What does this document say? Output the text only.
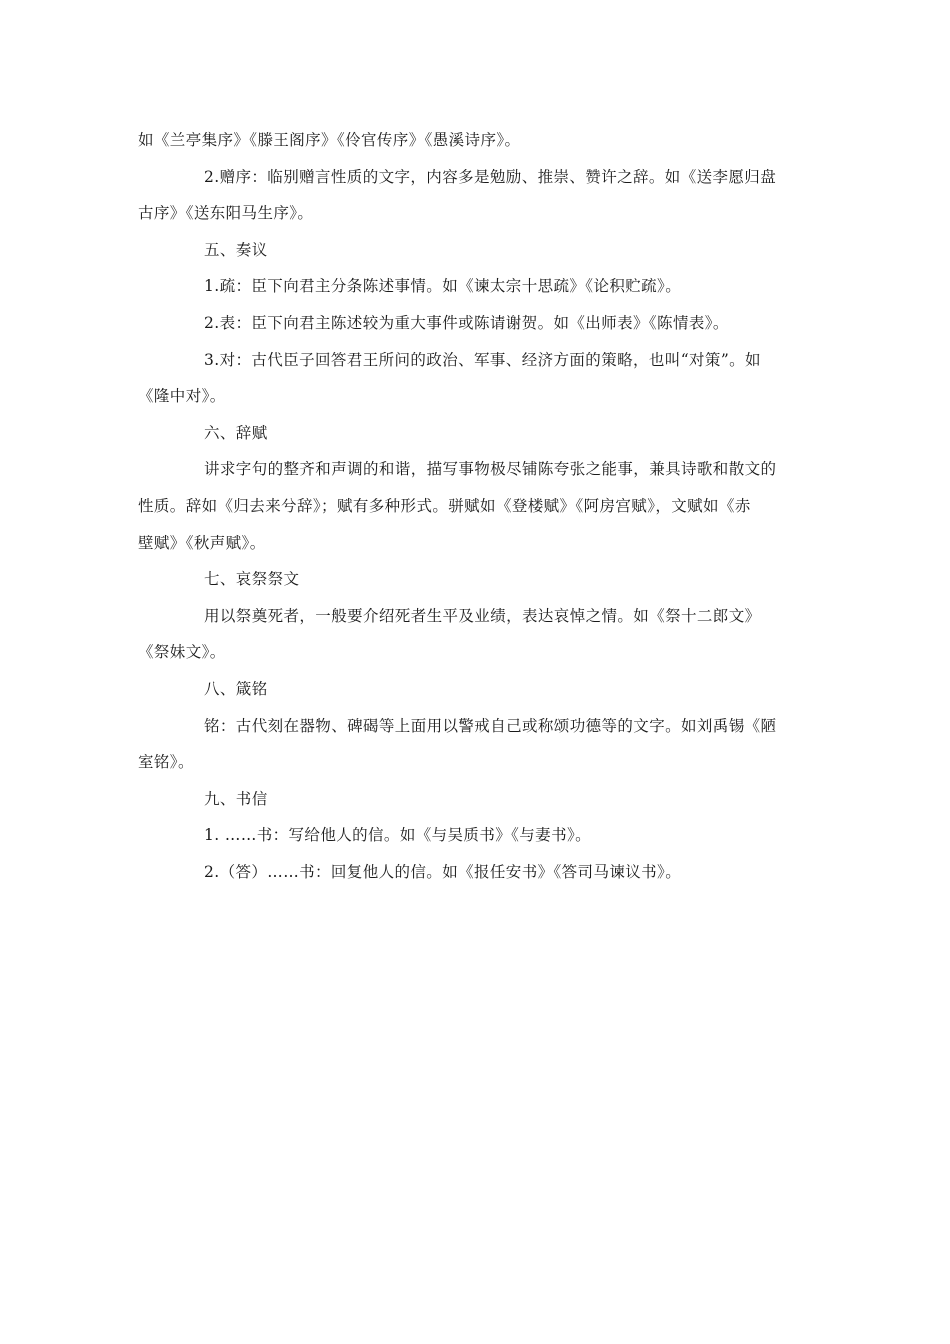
如《兰亭集序》《滕王阁序》《伶官传序》《愚溪诗序》。
2.赠序：临别赠言性质的文字，内容多是勉励、推崇、赞许之辞。如《送李愿归盘
古序》《送东阳马生序》。
五、奏议
1.疏：臣下向君主分条陈述事情。如《谏太宗十思疏》《论积贮疏》。
2.表：臣下向君主陈述较为重大事件或陈请谢贺。如《出师表》《陈情表》。
3.对：古代臣子回答君王所问的政治、军事、经济方面的策略，也叫“对策”。如
《隆中对》。
六、辞赋
讲求字句的整齐和声调的和谐，描写事物极尽铺陈夸张之能事，兼具诗歌和散文的
性质。辞如《归去来兮辞》；赋有多种形式。骈赋如《登楼赋》《阿房宫赋》，文赋如《赤
壁赋》《秋声赋》。
七、哀祭祭文
用以祭奠死者，一般要介绍死者生平及业绩，表达哀悼之情。如《祭十二郎文》
《祭妹文》。
八、箴铭
铭：古代刻在器物、碑碣等上面用以警戒自己或称颂功德等的文字。如刘禹锡《陋
室铭》。
九、书信
1. ……书：写给他人的信。如《与吴质书》《与妻书》。
2.（答）……书：回复他人的信。如《报任安书》《答司马谏议书》。
